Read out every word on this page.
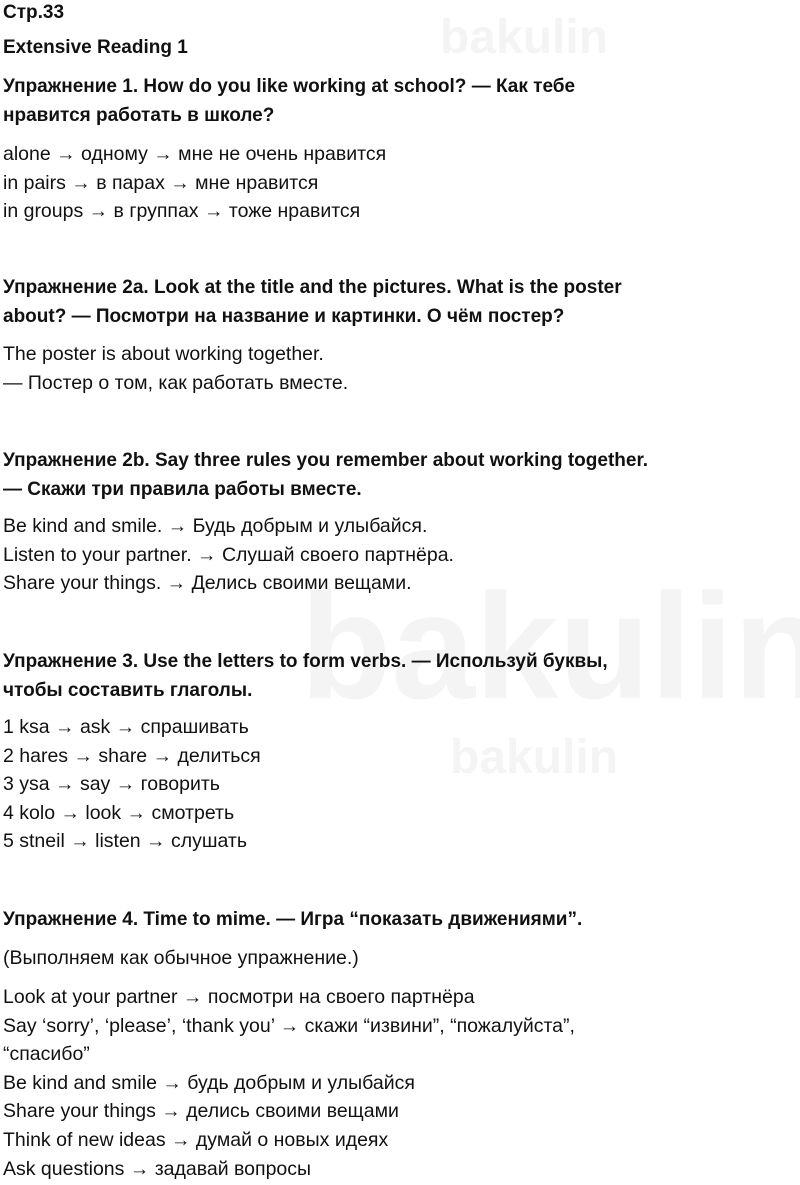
Стр.33
Extensive Reading 1
Упражнение 1. How do you like working at school? — Как тебе
нравится работать в школе?
alone → одному → мне не очень нравится
in pairs → в парах → мне нравится
in groups → в группах → тоже нравится
Упражнение 2a. Look at the title and the pictures. What is the poster
about? — Посмотри на название и картинки. О чём постер?
The poster is about working together.
— Постер о том, как работать вместе.
Упражнение 2b. Say three rules you remember about working together.
— Скажи три правила работы вместе.
Be kind and smile. → Будь добрым и улыбайся.
Listen to your partner. → Слушай своего партнёра.
Share your things. → Делись своими вещами.
Упражнение 3. Use the letters to form verbs. — Используй буквы,
чтобы составить глаголы.
1 ksa → ask → спрашивать
2 hares → share → делиться
3 ysa → say → говорить
4 kolo → look → смотреть
5 stneil → listen → слушать
Упражнение 4. Time to mime. — Игра “показать движениями”.
(Выполняем как обычное упражнение.)
Look at your partner → посмотри на своего партнёра
Say ‘sorry’, ‘please’, ‘thank you’ → скажи “извини”, “пожалуйста”,
“спасибо”
Be kind and smile → будь добрым и улыбайся
Share your things → делись своими вещами
Think of new ideas → думай о новых идеях
Ask questions → задавай вопросы
